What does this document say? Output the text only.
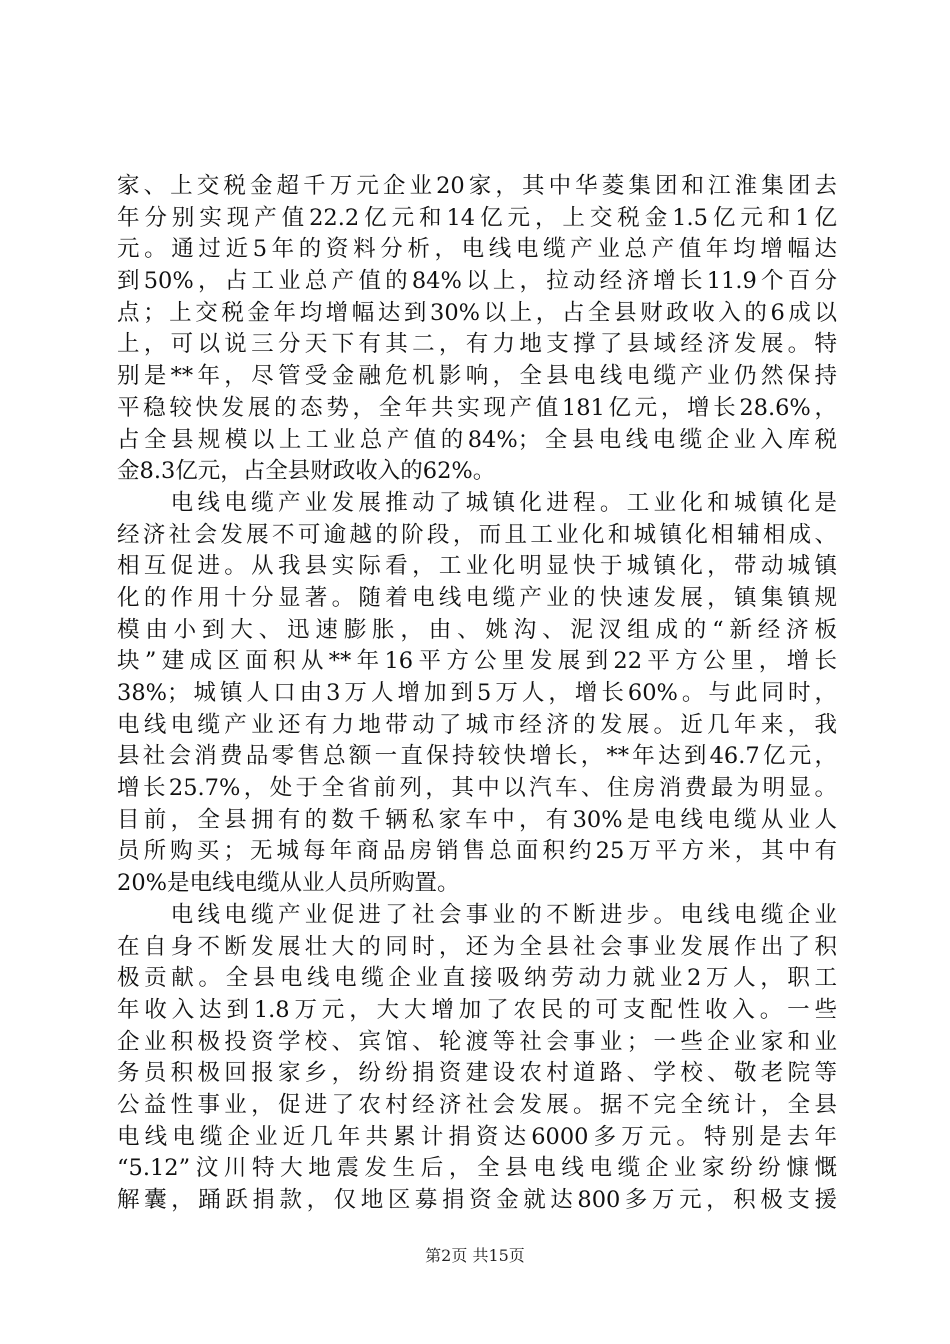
家、上交税金超千万元企业20家，其中华菱集团和江淮集团去
年分别实现产值22.2亿元和14亿元，上交税金1.5亿元和1亿
元。通过近5年的资料分析，电线电缆产业总产值年均增幅达
到50%，占工业总产值的84%以上，拉动经济增长11.9个百分
点；上交税金年均增幅达到30%以上，占全县财政收入的6成以
上，可以说三分天下有其二，有力地支撑了县域经济发展。特
别是**年，尽管受金融危机影响，全县电线电缆产业仍然保持
平稳较快发展的态势，全年共实现产值181亿元，增长28.6%，
占全县规模以上工业总产值的84%；全县电线电缆企业入库税
金8.3亿元，占全县财政收入的62%。
　　电线电缆产业发展推动了城镇化进程。工业化和城镇化是
经济社会发展不可逾越的阶段，而且工业化和城镇化相辅相成、
相互促进。从我县实际看，工业化明显快于城镇化，带动城镇
化的作用十分显著。随着电线电缆产业的快速发展，镇集镇规
模由小到大、迅速膨胀，由、姚沟、泥汊组成的“新经济板
块”建成区面积从**年16平方公里发展到22平方公里，增长
38%；城镇人口由3万人增加到5万人，增长60%。与此同时，
电线电缆产业还有力地带动了城市经济的发展。近几年来，我
县社会消费品零售总额一直保持较快增长，**年达到46.7亿元，
增长25.7%，处于全省前列，其中以汽车、住房消费最为明显。
目前，全县拥有的数千辆私家车中，有30%是电线电缆从业人
员所购买；无城每年商品房销售总面积约25万平方米，其中有
20%是电线电缆从业人员所购置。
　　电线电缆产业促进了社会事业的不断进步。电线电缆企业
在自身不断发展壮大的同时，还为全县社会事业发展作出了积
极贡献。全县电线电缆企业直接吸纳劳动力就业2万人，职工
年收入达到1.8万元，大大增加了农民的可支配性收入。一些
企业积极投资学校、宾馆、轮渡等社会事业；一些企业家和业
务员积极回报家乡，纷纷捐资建设农村道路、学校、敬老院等
公益性事业，促进了农村经济社会发展。据不完全统计，全县
电线电缆企业近几年共累计捐资达6000多万元。特别是去年
“5.12”汶川特大地震发生后，全县电线电缆企业家纷纷慷慨
解囊，踊跃捐款，仅地区募捐资金就达800多万元，积极支援
第2页 共15页
